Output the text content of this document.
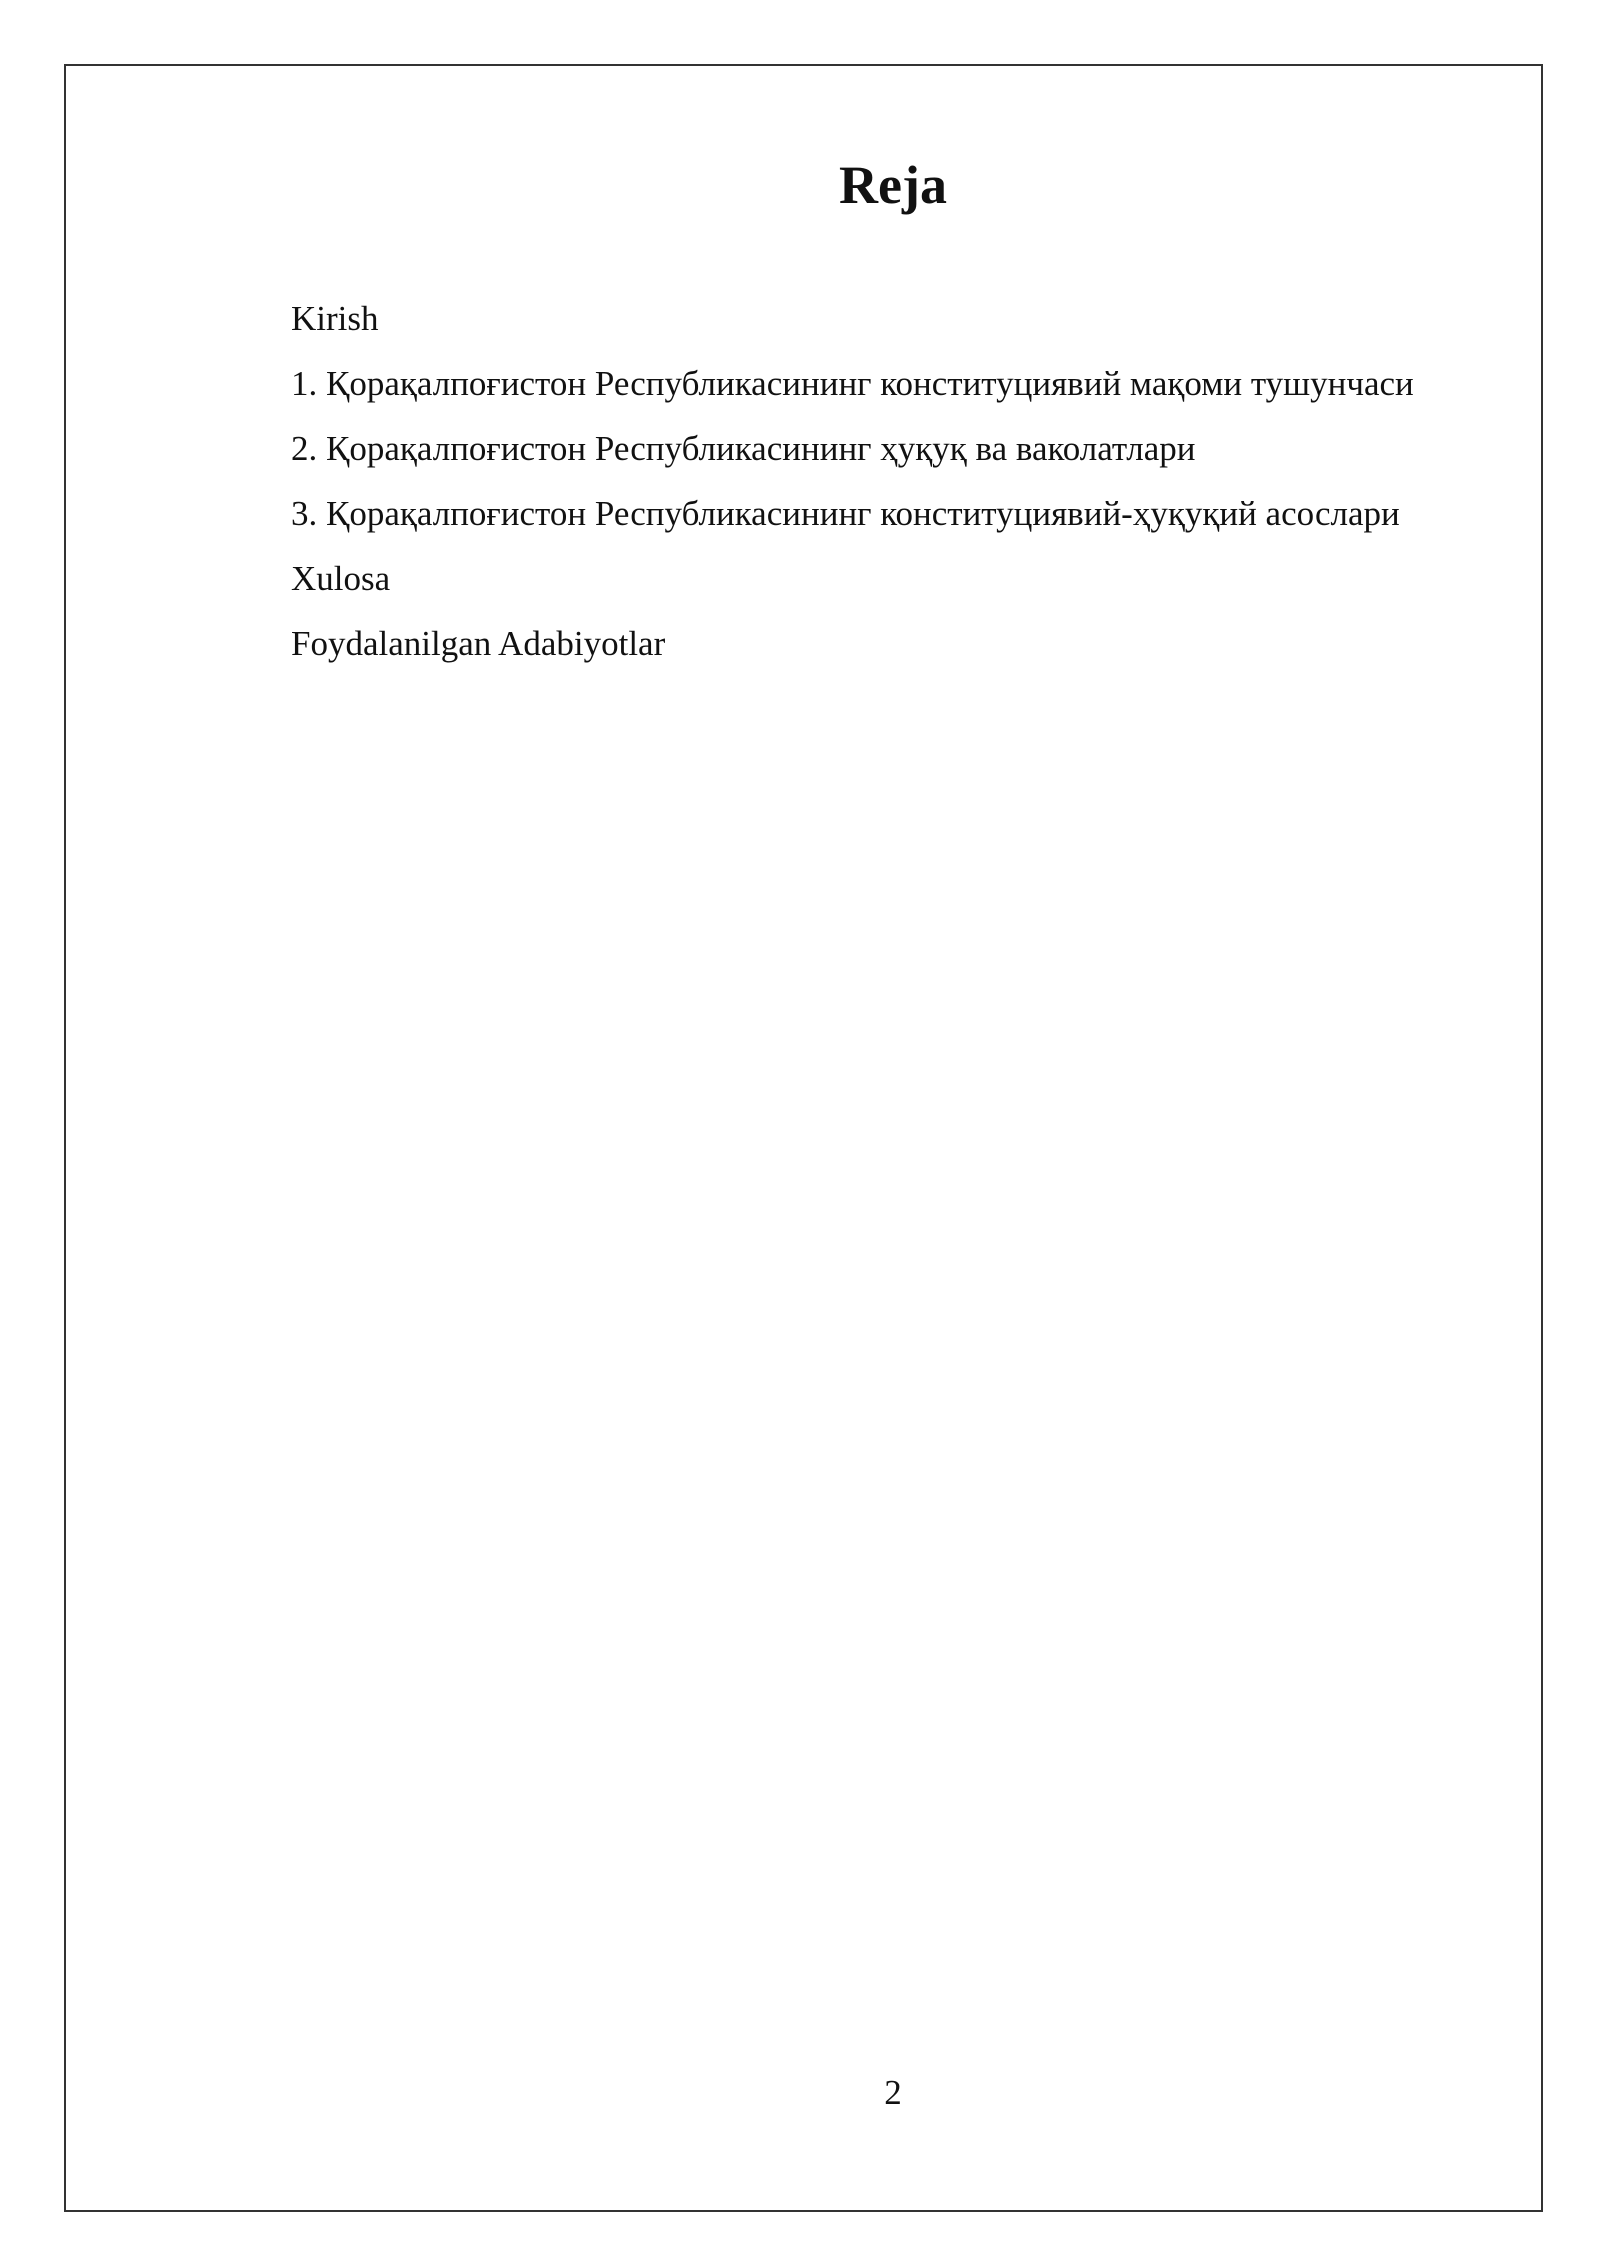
Reja

Kirish

1. Қорақалпоғистон Республикасининг конституциявий мақоми тушунчаси

2. Қорақалпоғистон Республикасининг ҳуқуқ ва ваколатлари

3. Қорақалпоғистон Республикасининг конституциявий-ҳуқуқий асослари

Xulosa

Foydalanilgan Adabiyotlar

2
